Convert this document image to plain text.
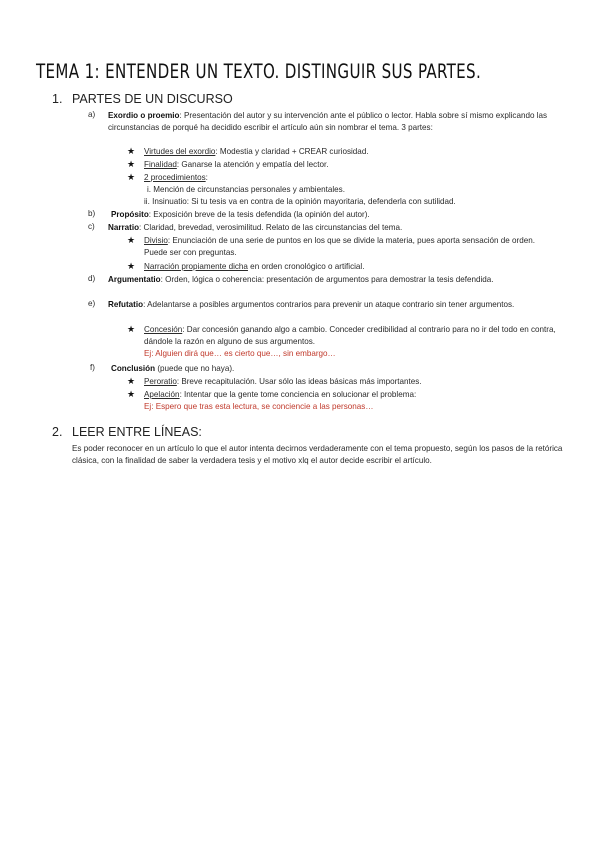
TEMA 1: ENTENDER UN TEXTO. DISTINGUIR SUS PARTES.
1. PARTES DE UN DISCURSO
a) Exordio o proemio: Presentación del autor y su intervención ante el público o lector. Habla sobre sí mismo explicando las circunstancias de porqué ha decidido escribir el artículo aún sin nombrar el tema. 3 partes:
★ Virtudes del exordio: Modestia y claridad + CREAR curiosidad.
★ Finalidad: Ganarse la atención y empatía del lector.
★ 2 procedimientos:
i. Mención de circunstancias personales y ambientales.
ii. Insinuatio: Si tu tesis va en contra de la opinión mayoritaria, defenderla con sutilidad.
b) Propósito: Exposición breve de la tesis defendida (la opinión del autor).
c) Narratio: Claridad, brevedad, verosimilitud. Relato de las circunstancias del tema.
★ Divisio: Enunciación de una serie de puntos en los que se divide la materia, pues aporta sensación de orden. Puede ser con preguntas.
★ Narración propiamente dicha en orden cronológico o artificial.
d) Argumentatio: Orden, lógica o coherencia: presentación de argumentos para demostrar la tesis defendida.
e) Refutatio: Adelantarse a posibles argumentos contrarios para prevenir un ataque contrario sin tener argumentos.
★ Concesión: Dar concesión ganando algo a cambio. Conceder credibilidad al contrario para no ir del todo en contra, dándole la razón en alguno de sus argumentos.
Ej: Alguien dirá que… es cierto que…, sin embargo…
f) Conclusión (puede que no haya).
★ Peroratio: Breve recapitulación. Usar sólo las ideas básicas más importantes.
★ Apelación: Intentar que la gente tome conciencia en solucionar el problema:
Ej: Espero que tras esta lectura, se conciencie a las personas…
2. LEER ENTRE LÍNEAS:
Es poder reconocer en un artículo lo que el autor intenta decirnos verdaderamente con el tema propuesto, según los pasos de la retórica clásica, con la finalidad de saber la verdadera tesis y el motivo xlq el autor decide escribir el artículo.
